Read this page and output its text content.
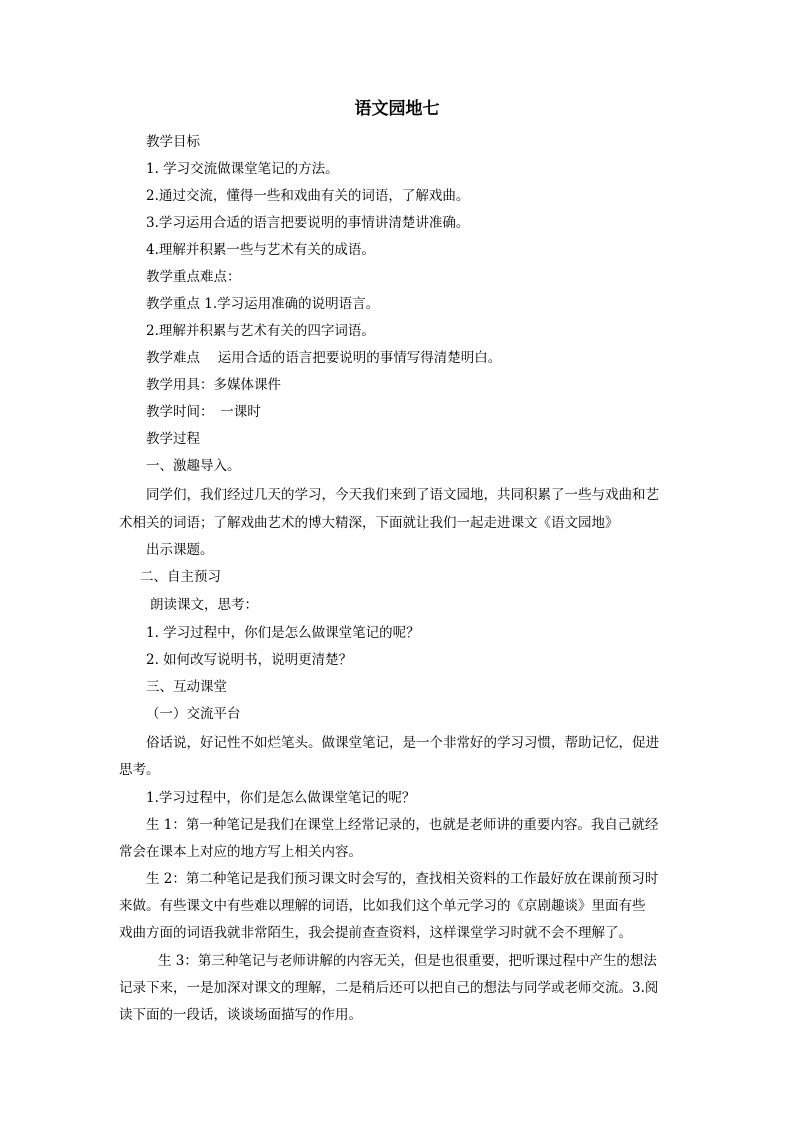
语文园地七
教学目标
1. 学习交流做课堂笔记的方法。
2.通过交流，懂得一些和戏曲有关的词语，了解戏曲。
3.学习运用合适的语言把要说明的事情讲清楚讲准确。
4.理解并积累一些与艺术有关的成语。
教学重点难点：
教学重点 1.学习运用准确的说明语言。
2.理解并积累与艺术有关的四字词语。
教学难点　 运用合适的语言把要说明的事情写得清楚明白。
教学用具：多媒体课件
教学时间：　一课时
教学过程
一、激趣导入。
同学们，我们经过几天的学习，今天我们来到了语文园地，共同积累了一些与戏曲和艺
术相关的词语；了解戏曲艺术的博大精深，下面就让我们一起走进课文《语文园地》
出示课题。
二、自主预习
朗读课文，思考：
1. 学习过程中，你们是怎么做课堂笔记的呢？
2. 如何改写说明书，说明更清楚？
三、互动课堂
（一）交流平台
俗话说，好记性不如烂笔头。做课堂笔记，是一个非常好的学习习惯，帮助记忆，促进
思考。
1.学习过程中，你们是怎么做课堂笔记的呢？
生 1：第一种笔记是我们在课堂上经常记录的，也就是老师讲的重要内容。我自己就经
常会在课本上对应的地方写上相关内容。
生 2：第二种笔记是我们预习课文时会写的，查找相关资料的工作最好放在课前预习时
来做。有些课文中有些难以理解的词语，比如我们这个单元学习的《京剧趣谈》里面有些
戏曲方面的词语我就非常陌生，我会提前查查资料，这样课堂学习时就不会不理解了。
生 3：第三种笔记与老师讲解的内容无关，但是也很重要，把听课过程中产生的想法
记录下来，一是加深对课文的理解，二是稍后还可以把自己的想法与同学或老师交流。3.阅
读下面的一段话，谈谈场面描写的作用。
